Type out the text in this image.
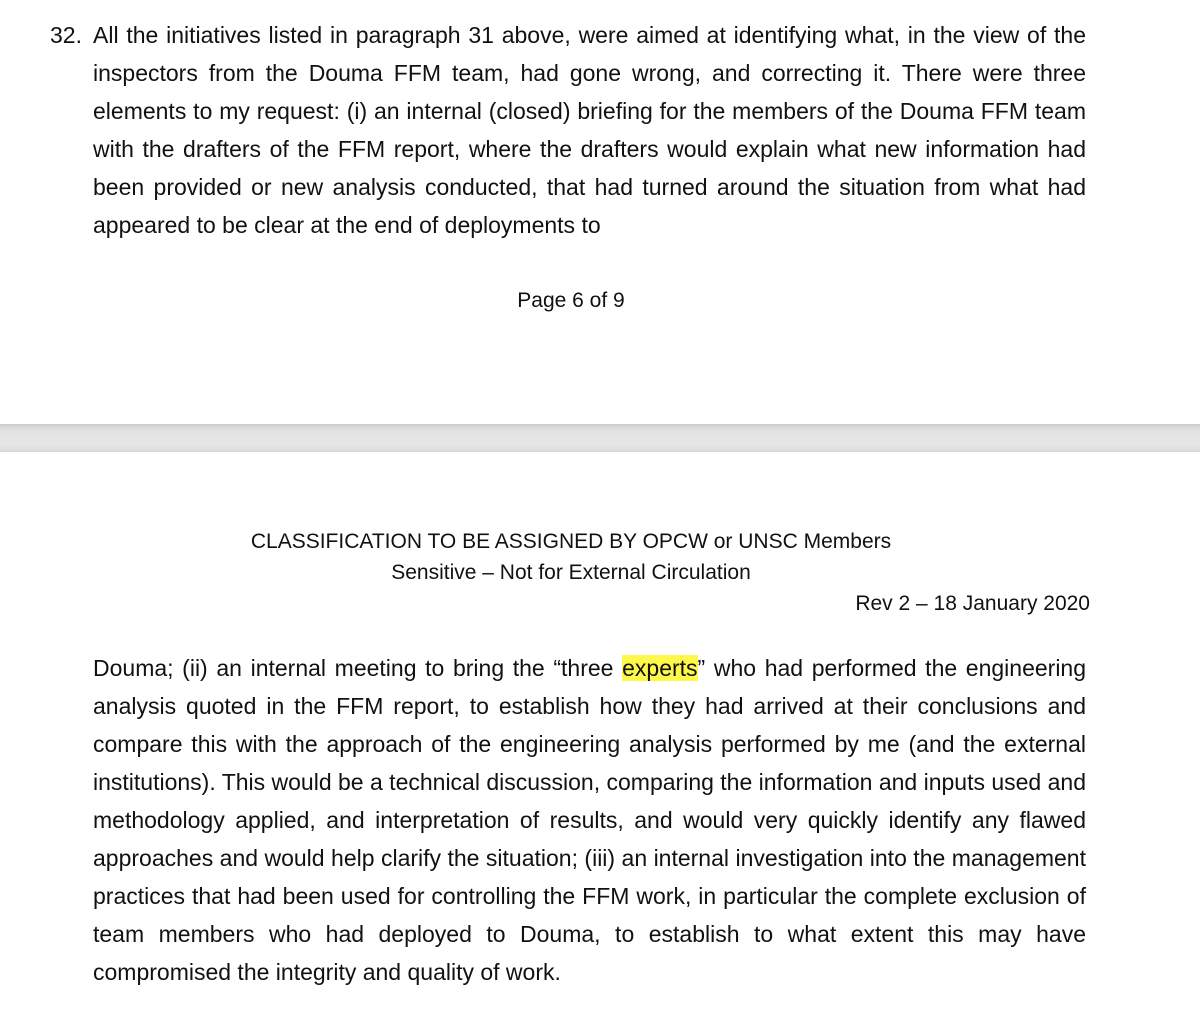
32. All the initiatives listed in paragraph 31 above, were aimed at identifying what, in the view of the inspectors from the Douma FFM team, had gone wrong, and correcting it. There were three elements to my request: (i) an internal (closed) briefing for the members of the Douma FFM team with the drafters of the FFM report, where the drafters would explain what new information had been provided or new analysis conducted, that had turned around the situation from what had appeared to be clear at the end of deployments to
Page 6 of 9
CLASSIFICATION TO BE ASSIGNED BY OPCW or UNSC Members
Sensitive – Not for External Circulation
Rev 2 – 18 January 2020
Douma; (ii) an internal meeting to bring the “three experts” who had performed the engineering analysis quoted in the FFM report, to establish how they had arrived at their conclusions and compare this with the approach of the engineering analysis performed by me (and the external institutions). This would be a technical discussion, comparing the information and inputs used and methodology applied, and interpretation of results, and would very quickly identify any flawed approaches and would help clarify the situation; (iii) an internal investigation into the management practices that had been used for controlling the FFM work, in particular the complete exclusion of team members who had deployed to Douma, to establish to what extent this may have compromised the integrity and quality of work.
